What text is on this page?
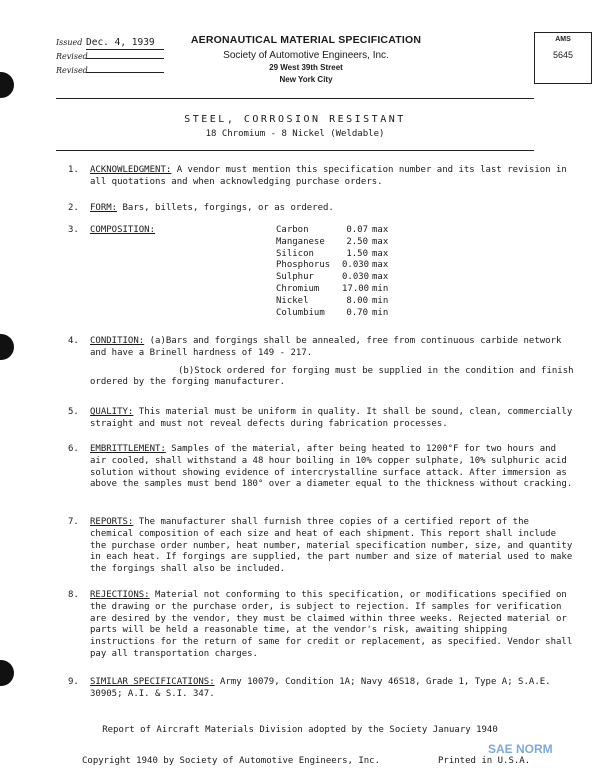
Issued Dec. 4, 1939
Revised
Revised
AERONAUTICAL MATERIAL SPECIFICATION
Society of Automotive Engineers, Inc.
29 West 39th Street
New York City
AMS
5645
STEEL, CORROSION RESISTANT
18 Chromium - 8 Nickel (Weldable)
1. ACKNOWLEDGMENT: A vendor must mention this specification number and its last revision in all quotations and when acknowledging purchase orders.
2. FORM: Bars, billets, forgings, or as ordered.
3. COMPOSITION:	Carbon	0.07 max
Manganese	2.50 max
Silicon	1.50 max
Phosphorus	0.030 max
Sulphur	0.030 max
Chromium	17.00 min
Nickel	8.00 min
Columbium	0.70 min
4. CONDITION: (a)Bars and forgings shall be annealed, free from continuous carbide network and have a Brinell hardness of 149 - 217.
(b)Stock ordered for forging must be supplied in the condition and finish ordered by the forging manufacturer.
5. QUALITY: This material must be uniform in quality. It shall be sound, clean, commercially straight and must not reveal defects during fabrication processes.
6. EMBRITTLEMENT: Samples of the material, after being heated to 1200°F for two hours and air cooled, shall withstand a 48 hour boiling in 10% copper sulphate, 10% sulphuric acid solution without showing evidence of intercrystalline surface attack. After immersion as above the samples must bend 180° over a diameter equal to the thickness without cracking.
7. REPORTS: The manufacturer shall furnish three copies of a certified report of the chemical composition of each size and heat of each shipment. This report shall include the purchase order number, heat number, material specification number, size, and quantity in each heat. If forgings are supplied, the part number and size of material used to make the forgings shall also be included.
8. REJECTIONS: Material not conforming to this specification, or modifications specified on the drawing or the purchase order, is subject to rejection. If samples for verification are desired by the vendor, they must be claimed within three weeks. Rejected material or parts will be held a reasonable time, at the vendor's risk, awaiting shipping instructions for the return of same for credit or replacement, as specified. Vendor shall pay all transportation charges.
9. SIMILAR SPECIFICATIONS: Army 10079, Condition 1A; Navy 46S18, Grade 1, Type A; S.A.E. 30905; A.I. & S.I. 347.
Report of Aircraft Materials Division adopted by the Society January 1940
Copyright 1940 by Society of Automotive Engineers, Inc.	Printed in U.S.A.
SAE NORM
